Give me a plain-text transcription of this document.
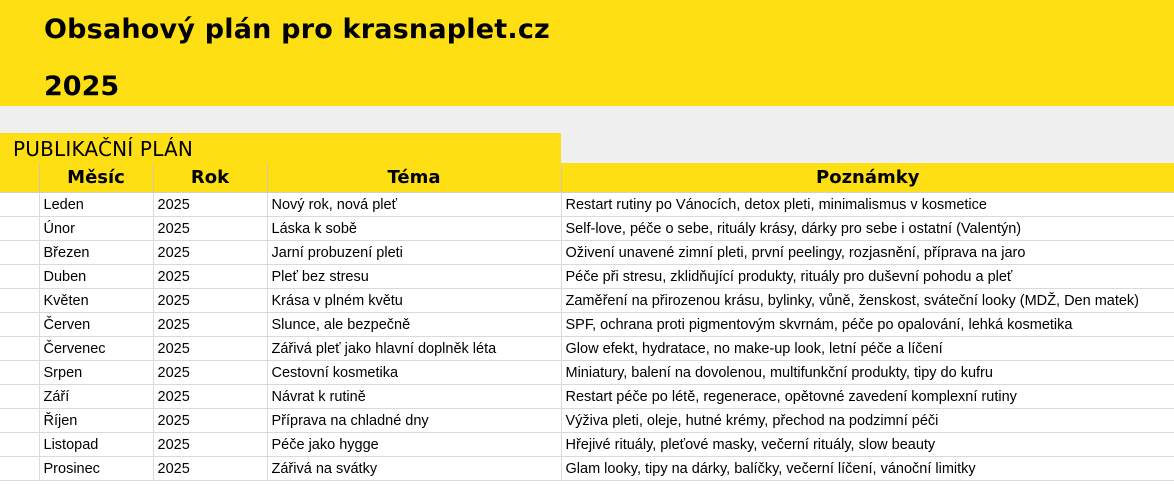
Obsahový plán pro krasnaplet.cz
2025
PUBLIKAČNÍ PLÁN
	Měsíc	Rok	Téma	Poznámky
	Leden	2025	Nový rok, nová pleť	Restart rutiny po Vánocích, detox pleti, minimalismus v kosmetice
	Únor	2025	Láska k sobě	Self-love, péče o sebe, rituály krásy, dárky pro sebe i ostatní (Valentýn)
	Březen	2025	Jarní probuzení pleti	Oživení unavené zimní pleti, první peelingy, rozjasnění, příprava na jaro
	Duben	2025	Pleť bez stresu	Péče při stresu, zklidňující produkty, rituály pro duševní pohodu a pleť
	Květen	2025	Krása v plném květu	Zaměření na přirozenou krásu, bylinky, vůně, ženskost, sváteční looky (MDŽ, Den matek)
	Červen	2025	Slunce, ale bezpečně	SPF, ochrana proti pigmentovým skvrnám, péče po opalování, lehká kosmetika
	Červenec	2025	Zářivá pleť jako hlavní doplněk léta	Glow efekt, hydratace, no make-up look, letní péče a líčení
	Srpen	2025	Cestovní kosmetika	Miniatury, balení na dovolenou, multifunkční produkty, tipy do kufru
	Září	2025	Návrat k rutině	Restart péče po létě, regenerace, opětovné zavedení komplexní rutiny
	Říjen	2025	Příprava na chladné dny	Výživa pleti, oleje, hutné krémy, přechod na podzimní péči
	Listopad	2025	Péče jako hygge	Hřejivé rituály, pleťové masky, večerní rituály, slow beauty
	Prosinec	2025	Zářivá na svátky	Glam looky, tipy na dárky, balíčky, večerní líčení, vánoční limitky
